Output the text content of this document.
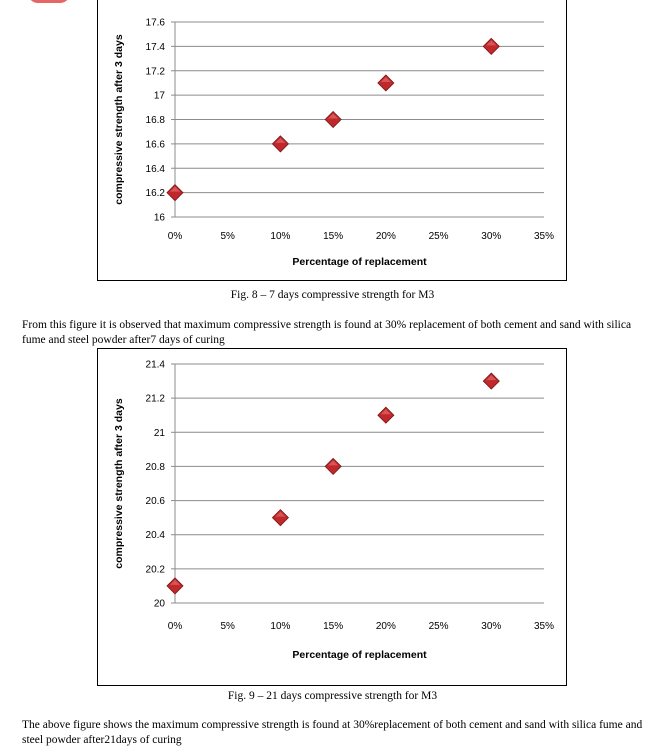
16
16.2
16.4
16.6
16.8
17
17.2
17.4
17.6
0%	5%	10%	15%	20%	25%	30%	35%
Percentage of replacement
compressive strength after 3 days
Fig. 8 – 7 days compressive strength for M3
From this figure it is observed that maximum compressive strength is found at 30% replacement of both cement and sand with silica fume and steel powder after7 days of curing
20
20.2
20.4
20.6
20.8
21
21.2
21.4
0%	5%	10%	15%	20%	25%	30%	35%
Percentage of replacement
compressive strength after 3 days
Fig. 9 – 21 days compressive strength for M3
The above figure shows the maximum compressive strength is found at 30%replacement of both cement and sand with silica fume and steel powder after21days of curing
